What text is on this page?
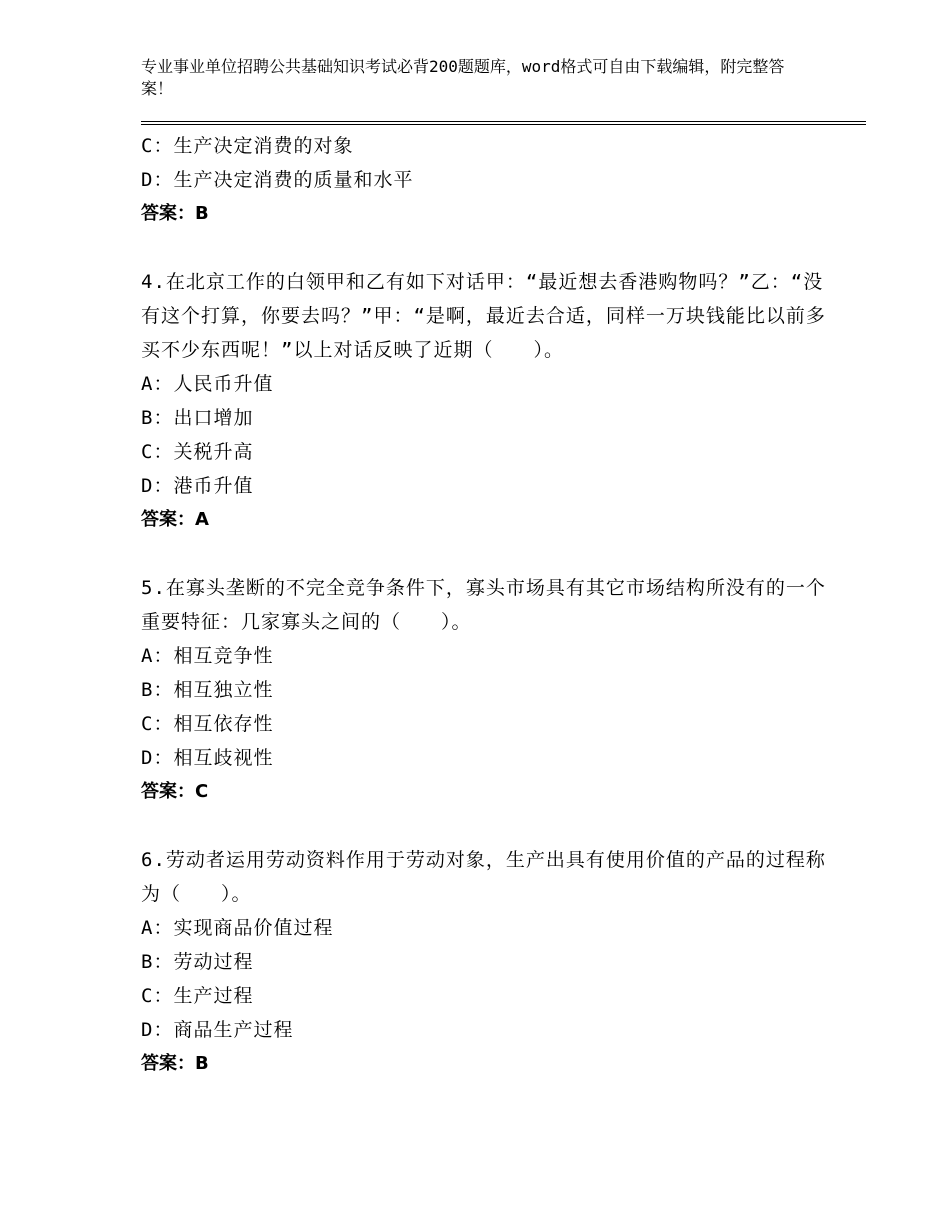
专业事业单位招聘公共基础知识考试必背200题题库，word格式可自由下载编辑，附完整答案！
C：生产决定消费的对象
D：生产决定消费的质量和水平
答案：B
4.在北京工作的白领甲和乙有如下对话甲：“最近想去香港购物吗？”乙：“没有这个打算，你要去吗？”甲：“是啊，最近去合适，同样一万块钱能比以前多买不少东西呢！”以上对话反映了近期（　　）。
A：人民币升值
B：出口增加
C：关税升高
D：港币升值
答案：A
5.在寡头垄断的不完全竞争条件下，寡头市场具有其它市场结构所没有的一个重要特征：几家寡头之间的（　　）。
A：相互竞争性
B：相互独立性
C：相互依存性
D：相互歧视性
答案：C
6.劳动者运用劳动资料作用于劳动对象，生产出具有使用价值的产品的过程称为（　　）。
A：实现商品价值过程
B：劳动过程
C：生产过程
D：商品生产过程
答案：B
